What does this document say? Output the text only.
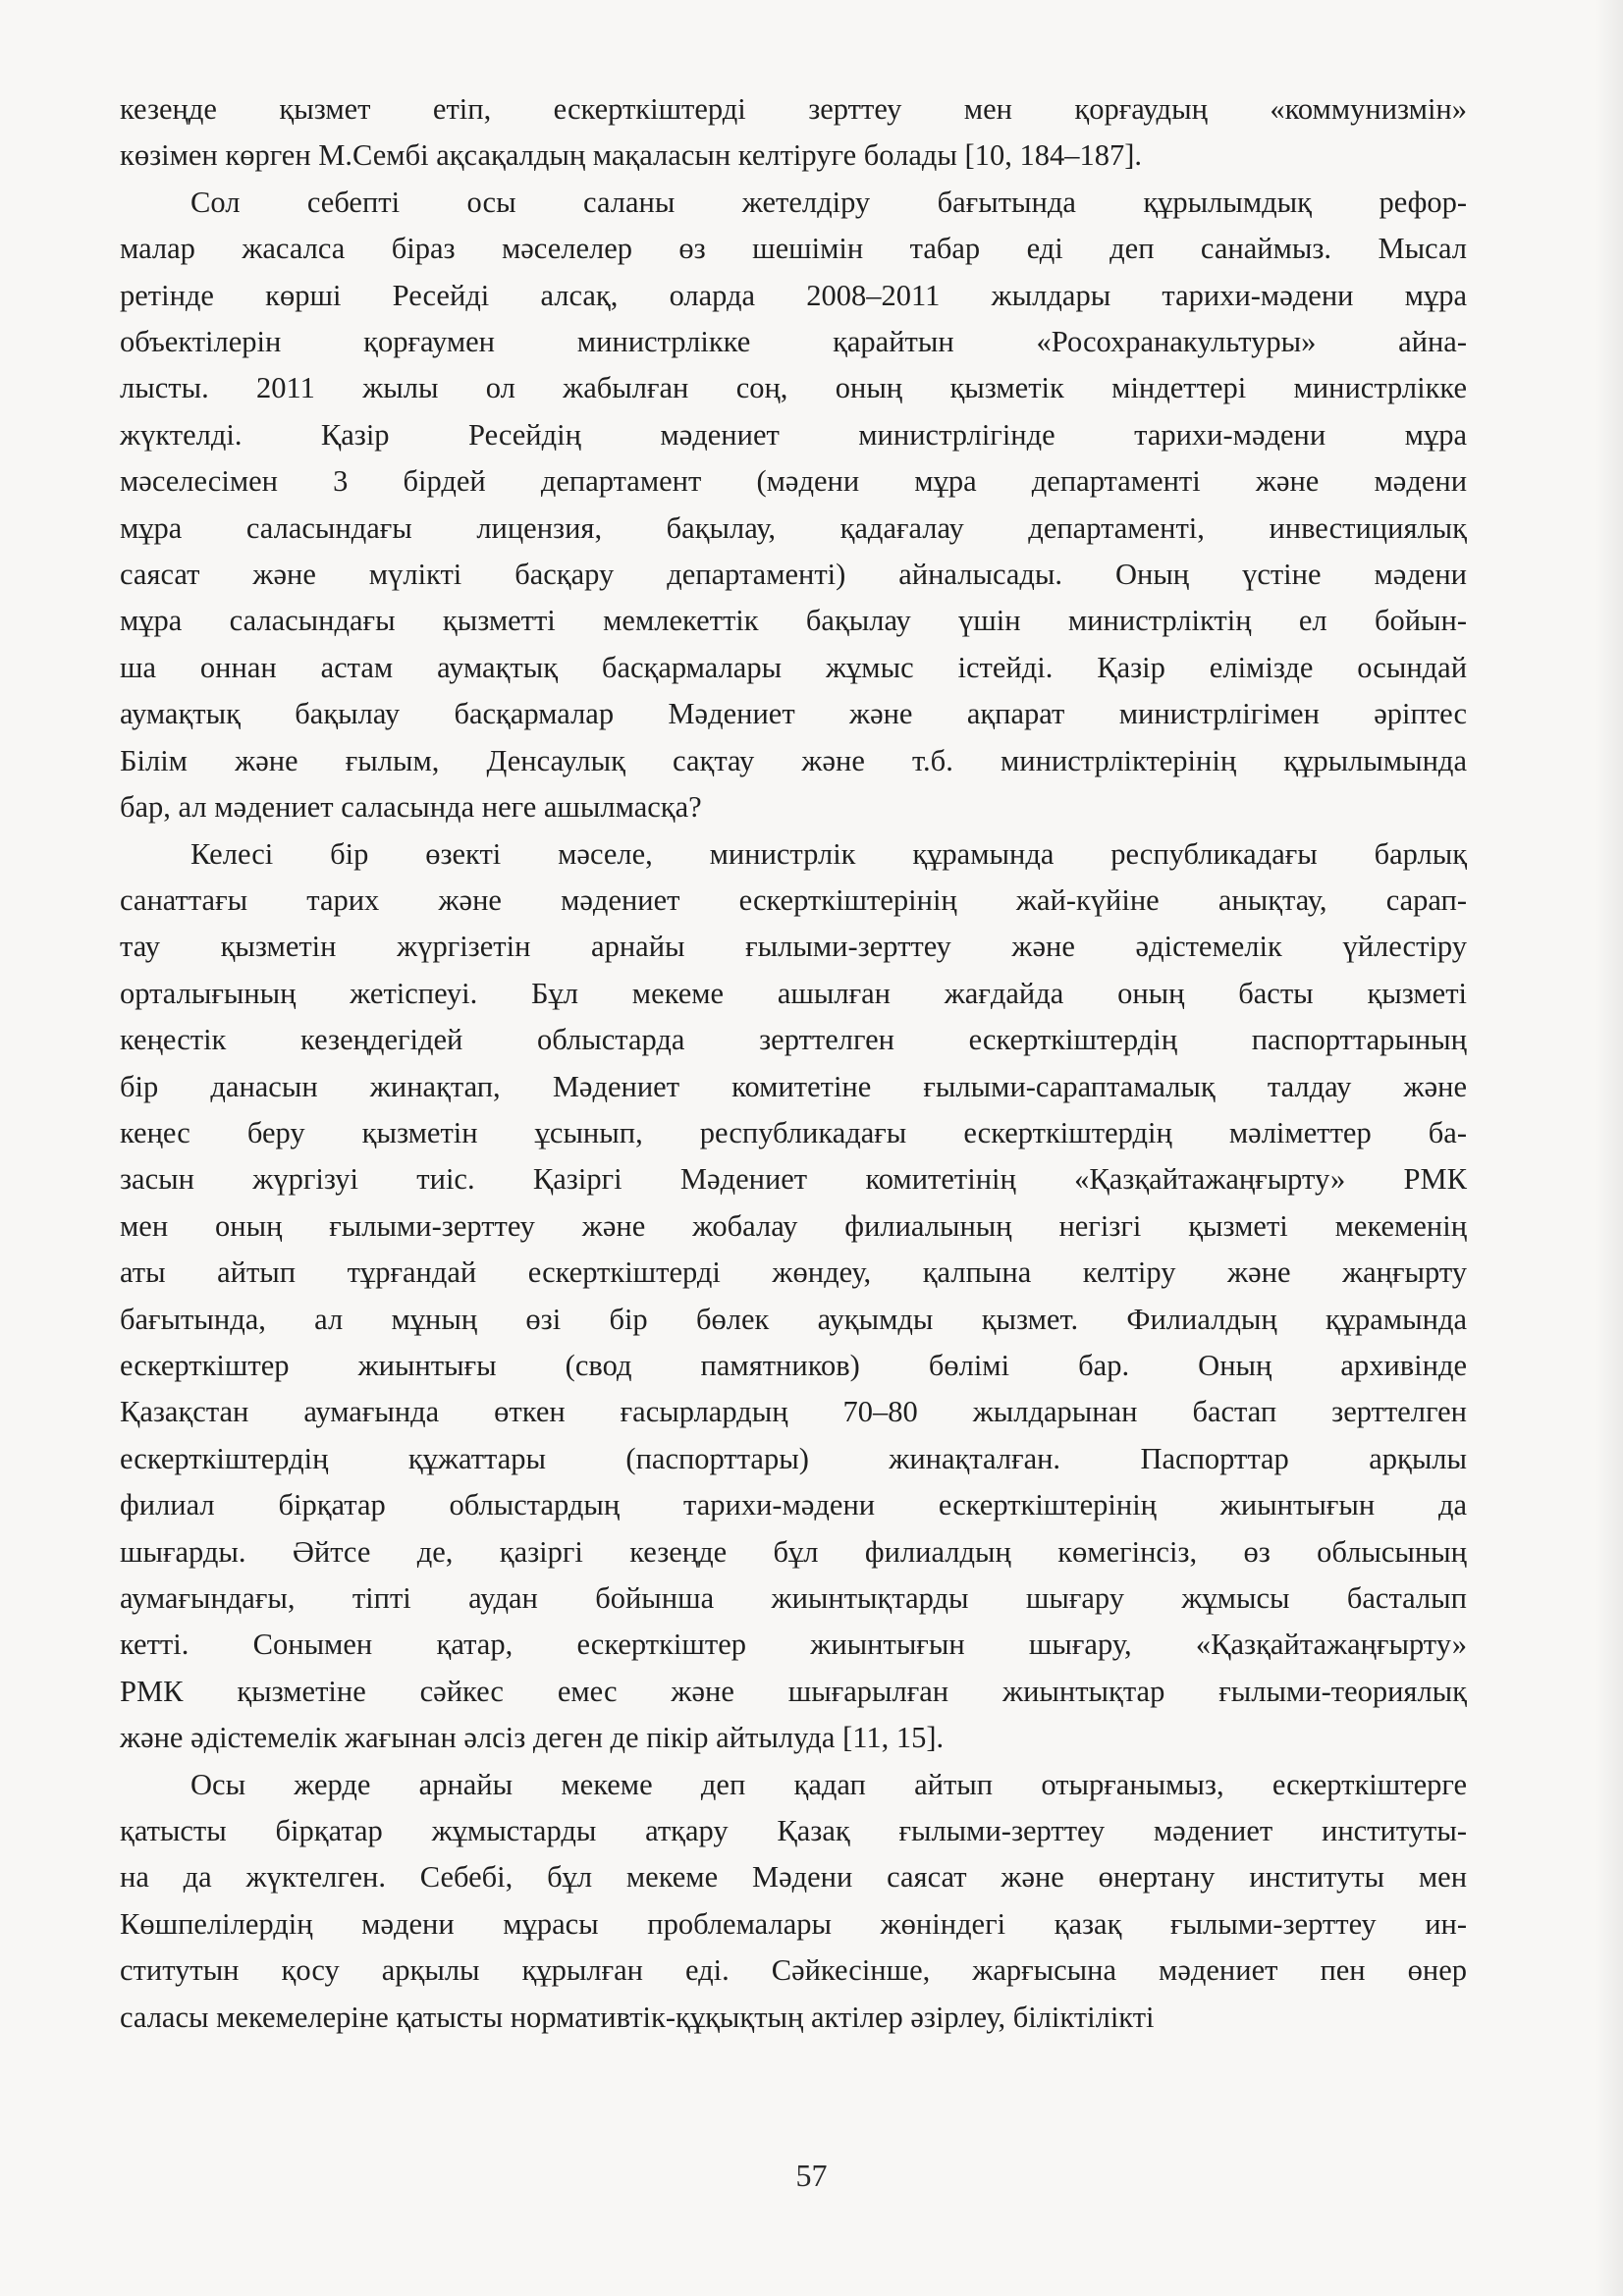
кезеңде қызмет етіп, ескерткіштерді зерттеу мен қорғаудың «коммунизмін»
көзімен көрген М.Сембі ақсақалдың мақаласын келтіруге болады [10, 184–187].

Сол себепті осы саланы жетелдіру бағытында құрылымдық рефор-
малар жасалса біраз мәселелер өз шешімін табар еді деп санаймыз. Мысал
ретінде көрші Ресейді алсақ, оларда 2008–2011 жылдары тарихи-мәдени мұра
объектілерін қорғаумен министрлікке қарайтын «Росохранакультуры» айна-
лысты. 2011 жылы ол жабылған соң, оның қызметік міндеттері министрлікке
жүктелді. Қазір Ресейдің мәдениет министрлігінде тарихи-мәдени мұра
мәселесімен 3 бірдей департамент (мәдени мұра департаменті және мәдени
мұра саласындағы лицензия, бақылау, қадағалау департаменті, инвестициялық
саясат және мүлікті басқару департаменті) айналысады. Оның үстіне мәдени
мұра саласындағы қызметті мемлекеттік бақылау үшін министрліктің ел бойын-
ша оннан астам аумақтық басқармалары жұмыс істейді. Қазір елімізде осындай
аумақтық бақылау басқармалар Мәдениет және ақпарат министрлігімен әріптес
Білім және ғылым, Денсаулық сақтау және т.б. министрліктерінің құрылымында
бар, ал мәдениет саласында неге ашылмасқа?

Келесі бір өзекті мәселе, министрлік құрамында республикадағы барлық
санаттағы тарих және мәдениет ескерткіштерінің жай-күйіне анықтау, сарап-
тау қызметін жүргізетін арнайы ғылыми-зерттеу және әдістемелік үйлестіру
орталығының жетіспеуі. Бұл мекеме ашылған жағдайда оның басты қызметі
кеңестік кезеңдегідей облыстарда зерттелген ескерткіштердің паспорттарының
бір данасын жинақтап, Мәдениет комитетіне ғылыми-сараптамалық талдау және
кеңес беру қызметін ұсынып, республикадағы ескерткіштердің мәліметтер ба-
засын жүргізуі тиіс. Қазіргі Мәдениет комитетінің «Қазқайтажаңғырту» РМК
мен оның ғылыми-зерттеу және жобалау филиалының негізгі қызметі мекеменің
аты айтып тұрғандай ескерткіштерді жөндеу, қалпына келтіру және жаңғырту
бағытында, ал мұның өзі бір бөлек ауқымды қызмет. Филиалдың құрамында
ескерткіштер жиынтығы (свод памятников) бөлімі бар. Оның архивінде
Қазақстан аумағында өткен ғасырлардың 70–80 жылдарынан бастап зерттелген
ескерткіштердің құжаттары (паспорттары) жинақталған. Паспорттар арқылы
филиал бірқатар облыстардың тарихи-мәдени ескерткіштерінің жиынтығын да
шығарды. Әйтсе де, қазіргі кезеңде бұл филиалдың көмегінсіз, өз облысының
аумағындағы, тіпті аудан бойынша жиынтықтарды шығару жұмысы басталып
кетті. Сонымен қатар, ескерткіштер жиынтығын шығару, «Қазқайтажаңғырту»
РМК қызметіне сәйкес емес және шығарылған жиынтықтар ғылыми-теориялық
және әдістемелік жағынан әлсіз деген де пікір айтылуда [11, 15].

Осы жерде арнайы мекеме деп қадап айтып отырғанымыз, ескерткіштерге
қатысты бірқатар жұмыстарды атқару Қазақ ғылыми-зерттеу мәдениет институты-
на да жүктелген. Себебі, бұл мекеме Мәдени саясат және өнертану институты мен
Көшпелілердің мәдени мұрасы проблемалары жөніндегі қазақ ғылыми-зерттеу ин-
ститутын қосу арқылы құрылған еді. Сәйкесінше, жарғысына мәдениет пен өнер
саласы мекемелеріне қатысты нормативтік-құқықтың актілер әзірлеу, біліктілікті

57
